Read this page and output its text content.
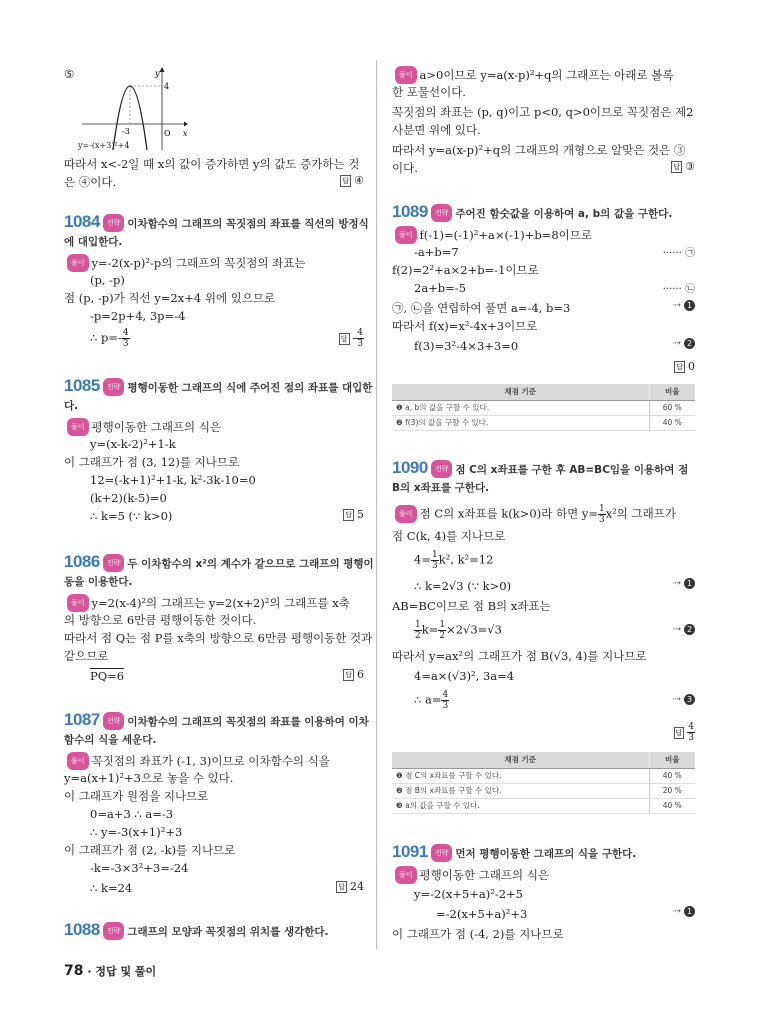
⑤	y
x
O
4
-3
y=-(x+3)²+4
따라서 x<-2일 때 x의 값이 증가하면 y의 값도 증가하는 것
은 ④이다.	답 ④
1084 전략 이차함수의 그래프의 꼭짓점의 좌표를 직선의 방정식
에 대입한다.
풀이 y=-2(x-p)²-p의 그래프의 꼭짓점의 좌표는
(p, -p)
점 (p, -p)가 직선 y=2x+4 위에 있으므로
-p=2p+4, 3p=-4
∴ $p=- \frac{4}{3}$	답 - $\frac{4}{3}$
1085 전략 평행이동한 그래프의 식에 주어진 점의 좌표를 대입한
다.
풀이 평행이동한 그래프의 식은
y=(x-k-2)²+1-k
이 그래프가 점 (3, 12)를 지나므로
12=(-k+1)²+1-k, k²-3k-10=0
(k+2)(k-5)=0
∴ k=5 (∵ k>0)	답 5
1086 전략 두 이차함수의 x²의 계수가 같으므로 그래프의 평행이
동을 이용한다.
풀이 y=2(x-4)²의 그래프는 y=2(x+2)²의 그래프를 x축
의 방향으로 6만큼 평행이동한 것이다.
따라서 점 Q는 점 P를 x축의 방향으로 6만큼 평행이동한 것과
같으므로
PQ=6	답 6
1087 전략 이차함수의 그래프의 꼭짓점의 좌표를 이용하여 이차
함수의 식을 세운다.
풀이 꼭짓점의 좌표가 (-1, 3)이므로 이차함수의 식을
y=a(x+1)²+3으로 놓을 수 있다.
이 그래프가 원점을 지나므로
0=a+3 ∴ a=-3
∴ y=-3(x+1)²+3
이 그래프가 점 (2, -k)를 지나므로
-k=-3×3²+3=-24
∴ k=24	답 24
1088 전략 그래프의 모양과 꼭짓점의 위치를 생각한다.
풀이 a>0이므로 y=a(x-p)²+q의 그래프는 아래로 볼록
한 포물선이다.
꼭짓점의 좌표는 (p, q)이고 p<0, q>0이므로 꼭짓점은 제2
사분면 위에 있다.
따라서 y=a(x-p)²+q의 그래프의 개형으로 알맞은 것은 ③
이다.	답 ③
1089 전략 주어진 함숫값을 이용하여 a, b의 값을 구한다.
풀이 f(-1)=(-1)²+a×(-1)+b=8이므로
-a+b=7	······ ㉠
f(2)=2²+a×2+b=-1이므로
2a+b=-5	······ ㉡
㉠, ㉡을 연립하여 풀면 a=-4, b=3	⇢ 1
따라서 f(x)=x²-4x+3이므로
f(3)=3²-4×3+3=0	⇢ 2
답 0
채점 기준	비율
❶ a, b의 값을 구할 수 있다.	60 %
❷ f(3)의 값을 구할 수 있다.	40 %
1090 전략 점 C의 x좌표를 구한 후 AB=BC임을 이용하여 점
B의 x좌표를 구한다.
풀이 점 C의 x좌표를 k(k>0)라 하면 $y= \frac{1}{3} x^2$의 그래프가
점 C(k, 4)를 지나므로
$4= \frac{1}{3} k^2$, k²=12
∴ k=2√3 (∵ k>0)	⇢ 1
AB=BC이므로 점 B의 x좌표는
$\frac{1}{2} k= \frac{1}{2} \times 2√3=√3$	⇢ 2
따라서 y=ax²의 그래프가 점 B(√3, 4)를 지나므로
4=a×(√3)², 3a=4
∴ $a= \frac{4}{3}$	⇢ 3
답 $\frac{4}{3}$
채점 기준	비율
❶ 점 C의 x좌표를 구할 수 있다.	40 %
❷ 점 B의 x좌표를 구할 수 있다.	20 %
❸ a의 값을 구할 수 있다.	40 %
1091 전략 먼저 평행이동한 그래프의 식을 구한다.
풀이 평행이동한 그래프의 식은
y=-2(x+5+a)²-2+5
=-2(x+5+a)²+3	⇢ 1
이 그래프가 점 (-4, 2)를 지나므로
78 · 정답 및 풀이
